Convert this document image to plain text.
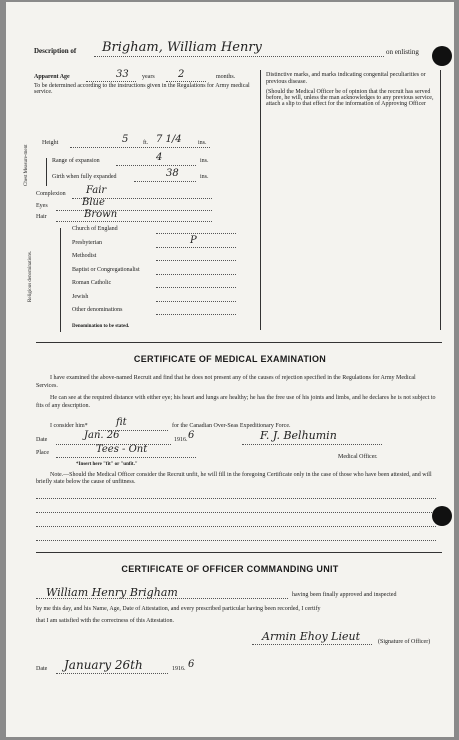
Description of Brigham, William Henry	on enlisting
Apparent Age	33 years 2	months.
To be determined according to the instructions given in the Regulations for Army medical service.
Distinctive marks, and marks indicating congenital peculiarities or previous disease.
(Should the Medical Officer be of opinion that the recruit has served before, he will, unless the man acknowledges to any previous service, attach a slip to that effect for the information of Approving Officer
Height	5 ft. 7 1/4	ins.
Chest Measure-ment	Range of expansion	4	ins.
Girth when fully expanded	38	ins.
Complexion Fair
Eyes	Blue
Hair	Brown
Religious denominations.
Church of England
Presbyterian	P
Methodist
Baptist or Congregationalist
Roman Catholic
Jewish
Other denominations
Denomination to be stated.
CERTIFICATE OF MEDICAL EXAMINATION
I have examined the above-named Recruit and find that he does not present any of the causes of rejection specified in the Regulations for Army Medical Services.
He can see at the required distance with either eye; his heart and lungs are healthy; he has the free use of his joints and limbs, and he declares he is not subject to fits of any description.
I consider him*	fit	for the Canadian Over-Seas Expeditionary Force.
Date	Jan. 26	1916. 6	F. J. Belhumin
Place	Tees - Ont
Medical Officer.
*Insert here "fit" or "unfit."
Note.—Should the Medical Officer consider the Recruit unfit, he will fill in the foregoing Certificate only in the case of those who have been attested, and will briefly state below the cause of unfitness.
CERTIFICATE OF OFFICER COMMANDING UNIT
William Henry Brigham	having been finally approved and inspected
by me this day, and his Name, Age, Date of Attestation, and every prescribed particular having been recorded, I certify
that I am satisfied with the correctness of this Attestation.
Armin Ehoy Lieut	(Signature of Officer)
Date January 26th	1916. 6
